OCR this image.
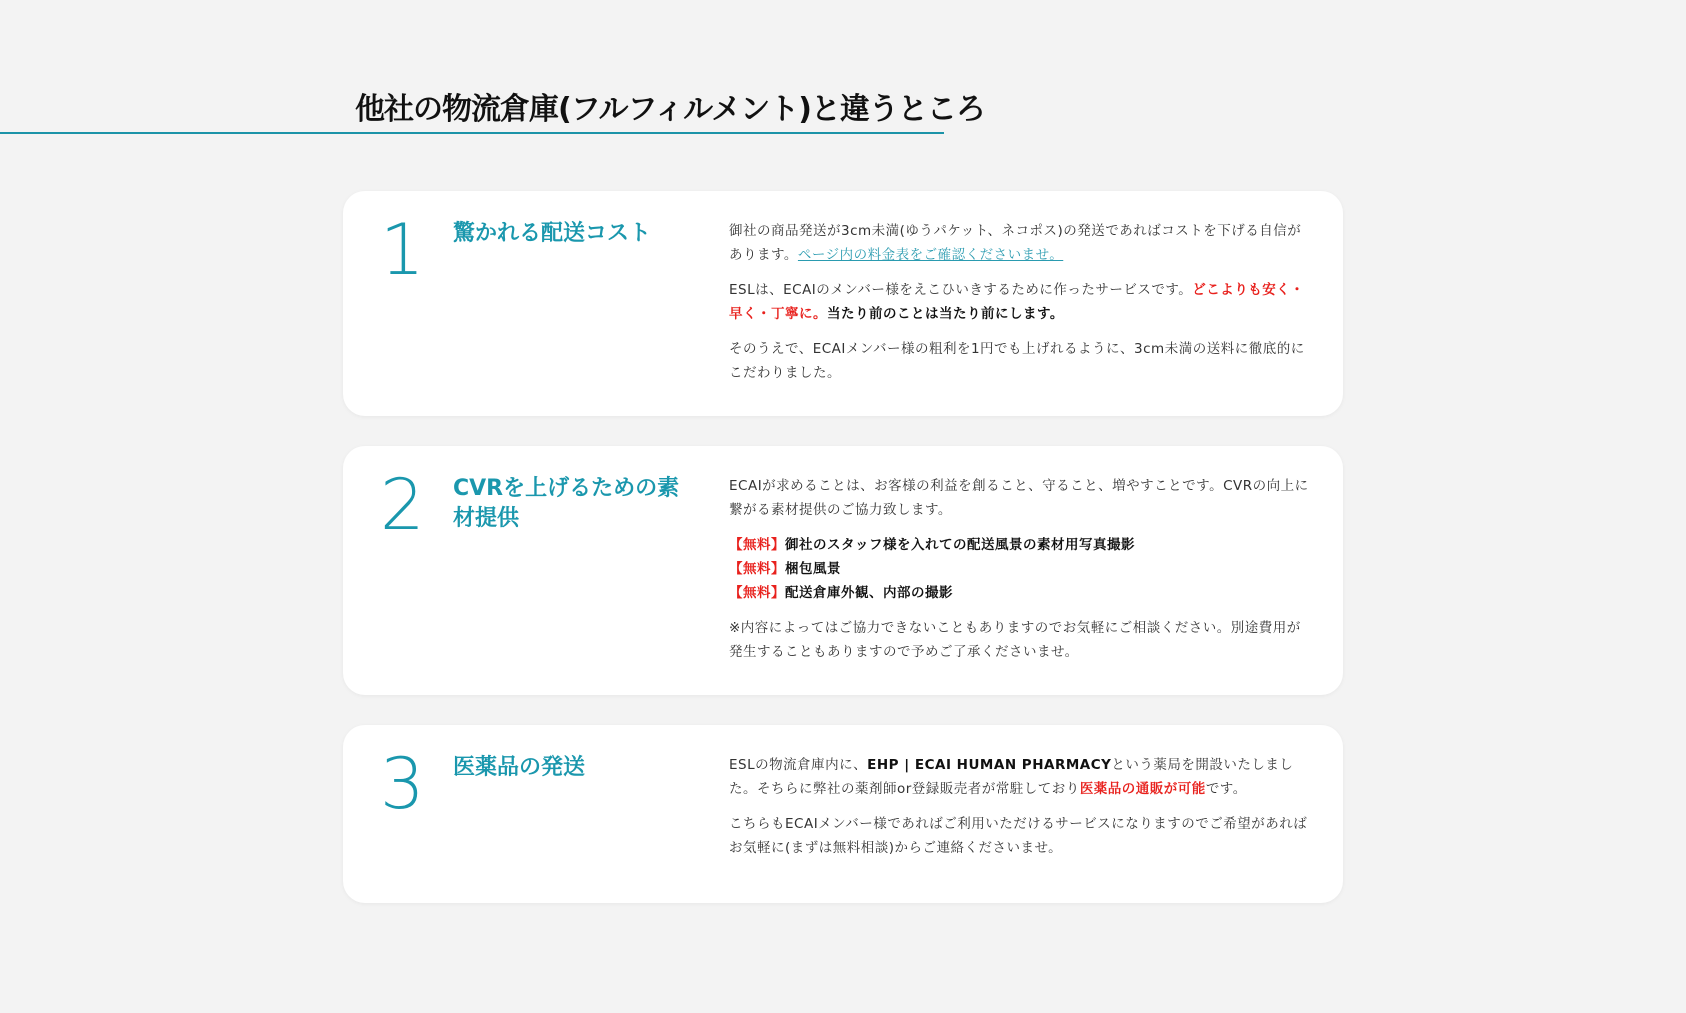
他社の物流倉庫(フルフィルメント)と違うところ
1 驚かれる配送コスト	御社の商品発送が3cm未満(ゆうパケット、ネコポス)の発送であればコストを下げる自信があります。ページ内の料金表をご確認くださいませ。

ESLは、ECAIのメンバー様をえこひいきするために作ったサービスです。どこよりも安く・早く・丁寧に。当たり前のことは当たり前にします。

そのうえで、ECAIメンバー様の粗利を1円でも上げれるように、3cm未満の送料に徹底的にこだわりました。

2 CVRを上げるための素材提供

ECAIが求めることは、お客様の利益を創ること、守ること、増やすことです。CVRの向上に繋がる素材提供のご協力致します。

【無料】御社のスタッフ様を入れての配送風景の素材用写真撮影
【無料】梱包風景
【無料】配送倉庫外観、内部の撮影

※内容によってはご協力できないこともありますのでお気軽にご相談ください。別途費用が発生することもありますので予めご了承くださいませ。

3 医薬品の発送	ESLの物流倉庫内に、EHP | ECAI HUMAN PHARMACYという薬局を開設いたしました。そちらに弊社の薬剤師or登録販売者が常駐しており医薬品の通販が可能です。

こちらもECAIメンバー様であればご利用いただけるサービスになりますのでご希望があればお気軽に(まずは無料相談)からご連絡くださいませ。
